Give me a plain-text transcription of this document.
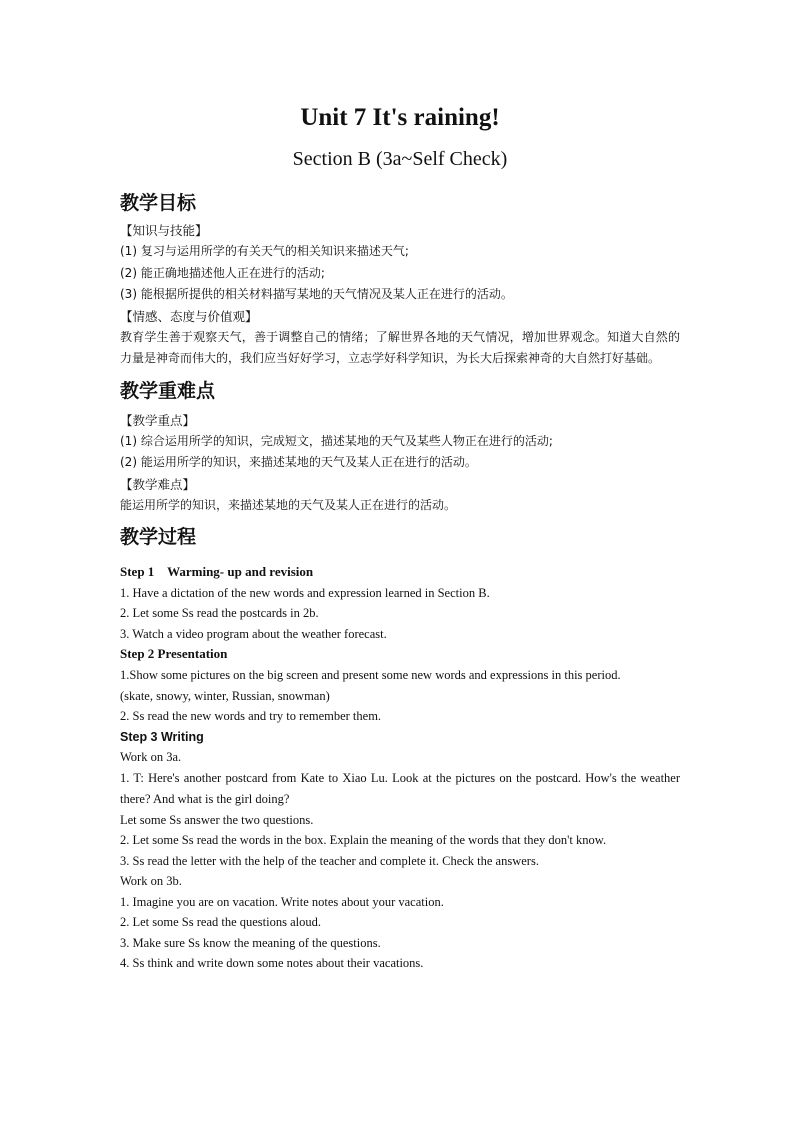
Unit 7 It's raining!

Section B (3a~Self Check)

教学目标

【知识与技能】

(1) 复习与运用所学的有关天气的相关知识来描述天气;

(2) 能正确地描述他人正在进行的活动;

(3) 能根据所提供的相关材料描写某地的天气情况及某人正在进行的活动。

【情感、态度与价值观】

教育学生善于观察天气，善于调整自己的情绪；了解世界各地的天气情况，增加世界观念。知道大自然的力量是神奇而伟大的，我们应当好好学习，立志学好科学知识，为长大后探索神奇的大自然打好基础。

教学重难点

【教学重点】

(1) 综合运用所学的知识，完成短文，描述某地的天气及某些人物正在进行的活动;

(2) 能运用所学的知识，来描述某地的天气及某人正在进行的活动。

【教学难点】

能运用所学的知识，来描述某地的天气及某人正在进行的活动。

教学过程

Step 1    Warming- up and revision

1. Have a dictation of the new words and expression learned in Section B.

2. Let some Ss read the postcards in 2b.

3. Watch a video program about the weather forecast.

Step 2 Presentation

1.Show some pictures on the big screen and present some new words and expressions in this period.

(skate, snowy, winter, Russian, snowman)

2. Ss read the new words and try to remember them.

Step 3 Writing

Work on 3a.

1. T: Here's another postcard from Kate to Xiao Lu. Look at the pictures on the postcard. How's the weather there? And what is the girl doing?

Let some Ss answer the two questions.

2. Let some Ss read the words in the box. Explain the meaning of the words that they don't know.

3. Ss read the letter with the help of the teacher and complete it. Check the answers.

Work on 3b.

1. Imagine you are on vacation. Write notes about your vacation.

2. Let some Ss read the questions aloud.

3. Make sure Ss know the meaning of the questions.

4. Ss think and write down some notes about their vacations.
